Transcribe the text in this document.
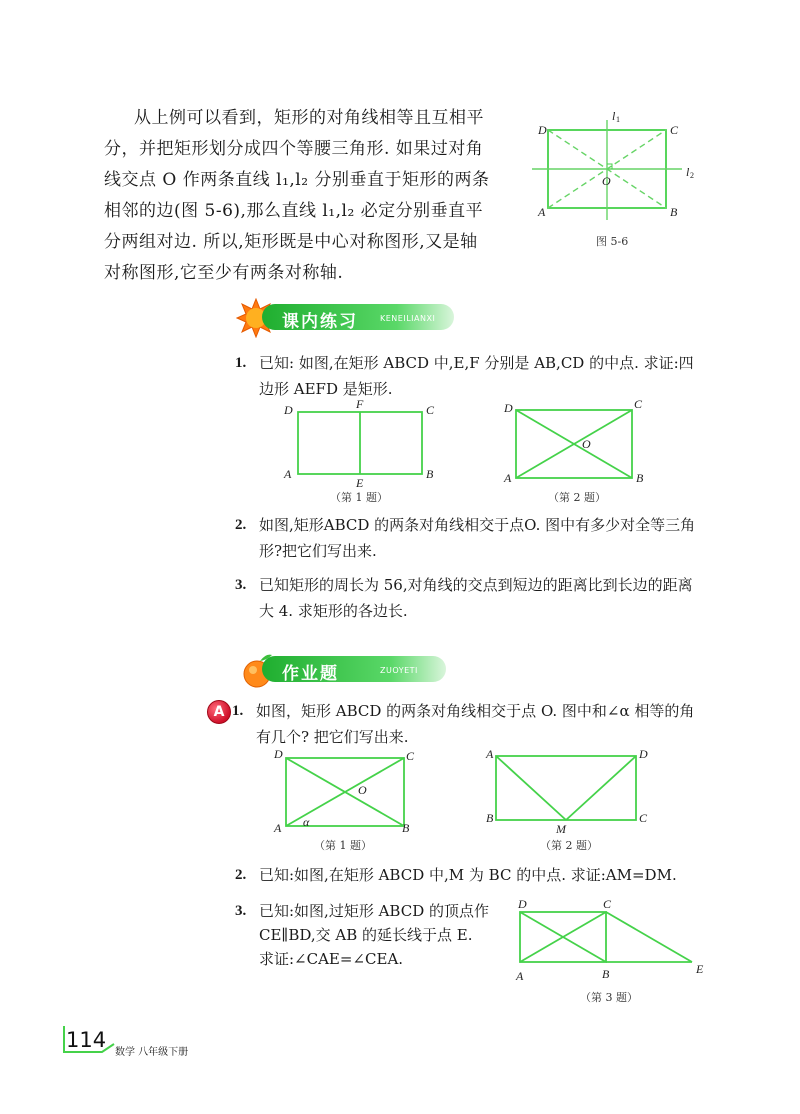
从上例可以看到，矩形的对角线相等且互相平
分，并把矩形划分成四个等腰三角形. 如果过对角
线交点 O 作两条直线 l₁,l₂ 分别垂直于矩形的两条
相邻的边(图 5-6),那么直线 l₁,l₂ 必定分别垂直平
分两组对边. 所以,矩形既是中心对称图形,又是轴
对称图形,它至少有两条对称轴.
D	C
A	B
O
l 1
l 2
图 5-6
课内练习	KENEILIANXI
1. 已知: 如图,在矩形 ABCD 中,E,F 分别是 AB,CD 的中点. 求证:四
边形 AEFD 是矩形.
D	F	C
A
E
B
（第 1 题）
D	C
A	B
O
（第 2 题）
2. 如图,矩形ABCD 的两条对角线相交于点O. 图中有多少对全等三角
形?把它们写出来.
3. 已知矩形的周长为 56,对角线的交点到短边的距离比到长边的距离
大 4. 求矩形的各边长.
作业题	ZUOYETI
A 1. 如图，矩形 ABCD 的两条对角线相交于点 O. 图中和∠α 相等的角
有几个? 把它们写出来.
D	C
A	B
O
α
（第 1 题）
A	D
B	C
M
（第 2 题）
2. 已知:如图,在矩形 ABCD 中,M 为 BC 的中点. 求证:AM=DM.
3. 已知:如图,过矩形 ABCD 的顶点作
CE∥BD,交 AB 的延长线于点 E.
求证:∠CAE=∠CEA.
D	C
A	B	E
（第 3 题）
114
数学 八年级下册
